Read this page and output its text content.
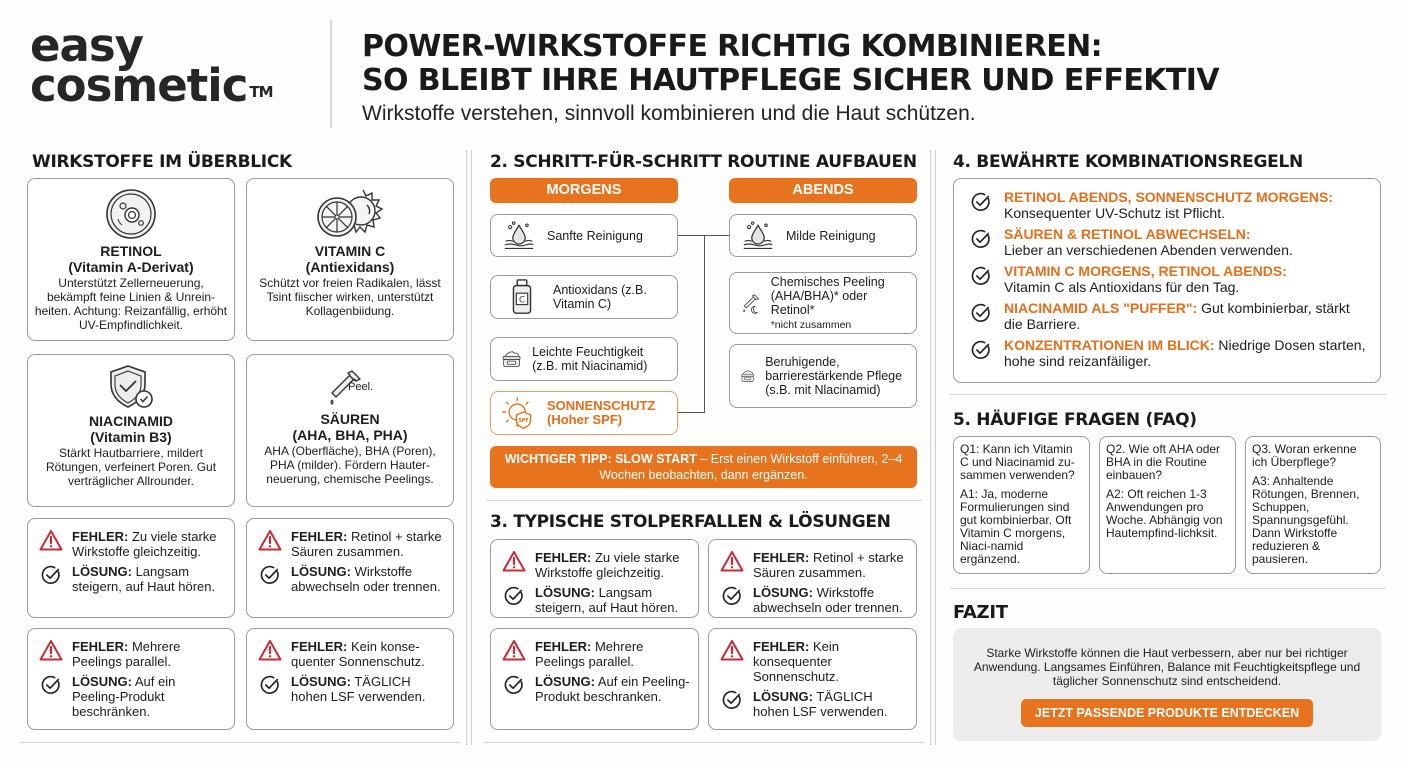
easy
cosmetic ™
POWER-WIRKSTOFFE RICHTIG KOMBINIEREN:
SO BLEIBT IHRE HAUTPFLEGE SICHER UND EFFEKTIV
Wirkstoffe verstehen, sinnvoll kombinieren und die Haut schützen.
WIRKSTOFFE IM ÜBERBLICK
RETINOL
(Vitamin A-Derivat)
Unterstützt Zellerneuerung, bekämpft feine Linien & Unrein-heiten. Achtung: Reizanfällig, erhöht UV-Empfindlichkeit.
VITAMIN C
(Antiexidans)
Schützt vor freien Radikalen, lässt Tsint fiischer wirken, unterstützt Kollagenbiidung.
NIACINAMID
(Vitamin B3)
Stärkt Hautbarriere, mildert Rötungen, verfeinert Poren. Gut verträglicher Allrounder.
Peel.
SÄUREN
(AHA, BHA, PHA)
AHA (Oberfläche), BHA (Poren), PHA (milder). Fördern Hauter-neuerung, chemische Peelings.
FEHLER: Zu viele starke Wirkstoffe gleichzeitig.
LÖSUNG: Langsam steigern, auf Haut hören.
FEHLER: Retinol + starke Säuren zusammen.
LÖSUNG: Wirkstoffe abwechseln oder trennen.
FEHLER: Mehrere Peelings parallel.
LÖSUNG: Auf ein Peeling-Produkt beschränken.
FEHLER: Kein konse-quenter Sonnenschutz.
LÖSUNG: TÄGLICH hohen LSF verwenden.
2. SCHRITT-FÜR-SCHRITT ROUTINE AUFBAUEN
MORGENS	ABENDS
Sanfte Reinigung
Antioxidans (z.B. Vitamin C)
Leichte Feuchtigkeit (z.B. mit Niacinamid)
SONNENSCHUTZ
(Hoher SPF)
Milde Reinigung
Chemisches Peeling (AHA/BHA)* oder Retinol*
*nicht zusammen
Beruhigende, barrierestärkende Pflege (s.B. mit Nlacinamid)
WICHTIGER TIPP: SLOW START – Erst einen Wirkstoff einführen, 2–4 Wochen beobachten, dann ergänzen.
3. TYPISCHE STOLPERFALLEN & LÖSUNGEN
FEHLER: Zu viele starke Wirkstoffe gleichzeitig.
LÖSUNG: Langsam steigern, auf Haut hören.
FEHLER: Retinol + starke Säuren zusammen.
LÖSUNG: Wirkstoffe abwechseln oder trennen.
FEHLER: Mehrere Peelings parallel.
LÖSUNG: Auf ein Peeling-Produkt beschranken.
FEHLER: Kein konsequenter Sonnenschutz.
LÖSUNG: TÄGLICH hohen LSF verwenden.
4. BEWÄHRTE KOMBINATIONSREGELN
RETINOL ABENDS, SONNENSCHUTZ MORGENS:
Konsequenter UV-Schutz ist Pflicht.
SÄUREN & RETINOL ABWECHSELN:
Lieber an verschiedenen Abenden verwenden.
VITAMIN C MORGENS, RETINOL ABENDS:
Vitamin C als Antioxidans für den Tag.
NIACINAMID ALS "PUFFER": Gut kombinierbar, stärkt die Barriere.
KONZENTRATIONEN IM BLICK: Niedrige Dosen starten, hohe sind reizanfäiliger.
5. HÄUFIGE FRAGEN (FAQ)
Q1: Kann ich Vitamin C und Niacinamid zu-sammen verwenden?
A1: Ja, moderne Formulierungen sind gut kombinierbar. Oft Vitamin C morgens, Niaci-namid ergänzend.
Q2. Wie oft AHA oder BHA in die Routine einbauen?
A2: Oft reichen 1-3 Anwendungen pro Woche. Abhängig von Hautempfind-lichksit.
Q3. Woran erkenne ich Überpflege?
A3: Anhaltende Rötungen, Brennen, Schuppen, Spannungsgefühl. Dann Wirkstoffe reduzieren & pausieren.
FAZIT
Starke Wirkstoffe können die Haut verbessern, aber nur bei richtiger Anwendung. Langsames Einführen, Balance mit Feuchtigkeitspflege und täglicher Sonnenschutz sind entscheidend.
JETZT PASSENDE PRODUKTE ENTDECKEN
